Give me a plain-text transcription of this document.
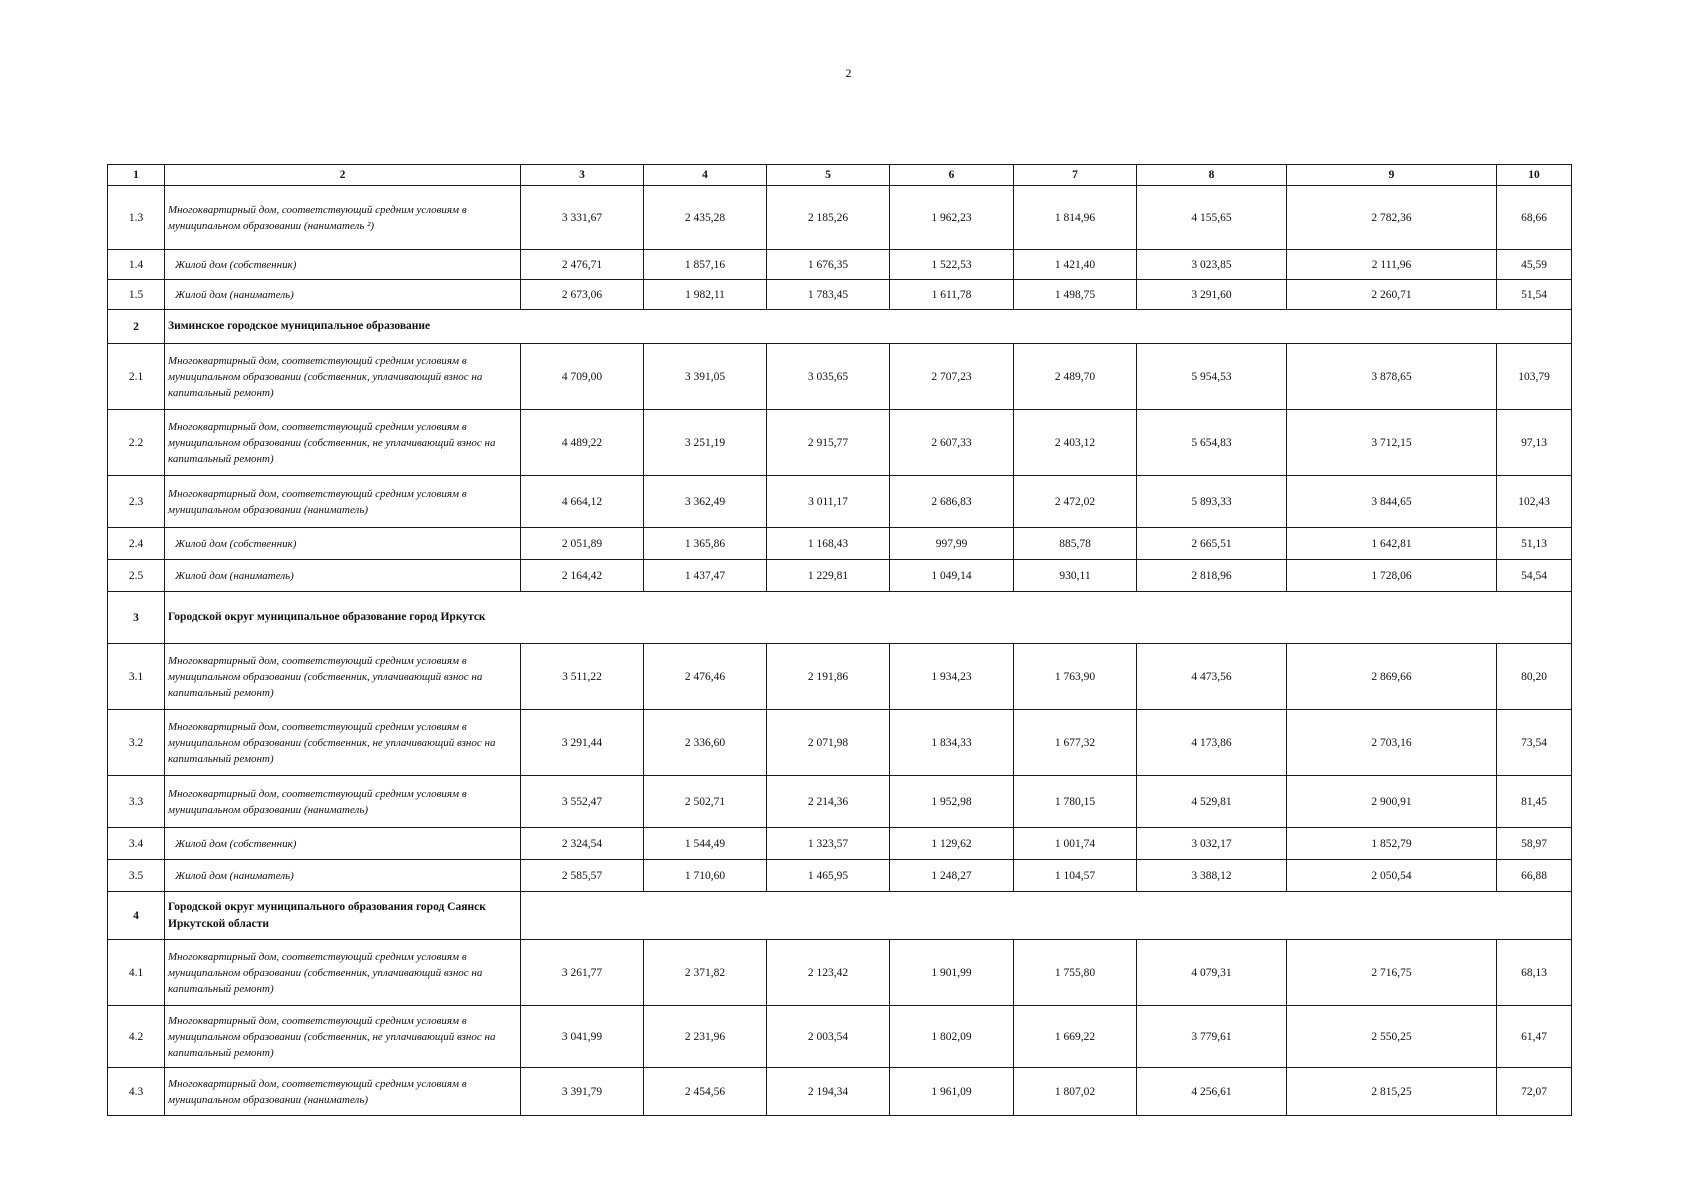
2
1	2	3	4	5	6	7	8	9	10
1.3	Многоквартирный дом, соответствующий средним условиям в муниципальном образовании (наниматель ²)	3 331,67	2 435,28	2 185,26	1 962,23	1 814,96	4 155,65	2 782,36	68,66
1.4	Жилой дом (собственник)	2 476,71	1 857,16	1 676,35	1 522,53	1 421,40	3 023,85	2 111,96	45,59
1.5	Жилой дом (наниматель)	2 673,06	1 982,11	1 783,45	1 611,78	1 498,75	3 291,60	2 260,71	51,54
2	Зиминское городское муниципальное образование								
2.1	Многоквартирный дом, соответствующий средним условиям в муниципальном образовании (собственник, уплачивающий взнос на капитальный ремонт)	4 709,00	3 391,05	3 035,65	2 707,23	2 489,70	5 954,53	3 878,65	103,79
2.2	Многоквартирный дом, соответствующий средним условиям в муниципальном образовании (собственник, не уплачивающий взнос на капитальный ремонт)	4 489,22	3 251,19	2 915,77	2 607,33	2 403,12	5 654,83	3 712,15	97,13
2.3	Многоквартирный дом, соответствующий средним условиям в муниципальном образовании (наниматель)	4 664,12	3 362,49	3 011,17	2 686,83	2 472,02	5 893,33	3 844,65	102,43
2.4	Жилой дом (собственник)	2 051,89	1 365,86	1 168,43	997,99	885,78	2 665,51	1 642,81	51,13
2.5	Жилой дом (наниматель)	2 164,42	1 437,47	1 229,81	1 049,14	930,11	2 818,96	1 728,06	54,54
3	Городской округ муниципальное образование город Иркутск								
3.1	Многоквартирный дом, соответствующий средним условиям в муниципальном образовании (собственник, уплачивающий взнос на капитальный ремонт)	3 511,22	2 476,46	2 191,86	1 934,23	1 763,90	4 473,56	2 869,66	80,20
3.2	Многоквартирный дом, соответствующий средним условиям в муниципальном образовании (собственник, не уплачивающий взнос на капитальный ремонт)	3 291,44	2 336,60	2 071,98	1 834,33	1 677,32	4 173,86	2 703,16	73,54
3.3	Многоквартирный дом, соответствующий средним условиям в муниципальном образовании (наниматель)	3 552,47	2 502,71	2 214,36	1 952,98	1 780,15	4 529,81	2 900,91	81,45
3.4	Жилой дом (собственник)	2 324,54	1 544,49	1 323,57	1 129,62	1 001,74	3 032,17	1 852,79	58,97
3.5	Жилой дом (наниматель)	2 585,57	1 710,60	1 465,95	1 248,27	1 104,57	3 388,12	2 050,54	66,88
4	Городской округ муниципального образования город Саянск Иркутской области								
4.1	Многоквартирный дом, соответствующий средним условиям в муниципальном образовании (собственник, уплачивающий взнос на капитальный ремонт)	3 261,77	2 371,82	2 123,42	1 901,99	1 755,80	4 079,31	2 716,75	68,13
4.2	Многоквартирный дом, соответствующий средним условиям в муниципальном образовании (собственник, не уплачивающий взнос на капитальный ремонт)	3 041,99	2 231,96	2 003,54	1 802,09	1 669,22	3 779,61	2 550,25	61,47
4.3	Многоквартирный дом, соответствующий средним условиям в муниципальном образовании (наниматель)	3 391,79	2 454,56	2 194,34	1 961,09	1 807,02	4 256,61	2 815,25	72,07
